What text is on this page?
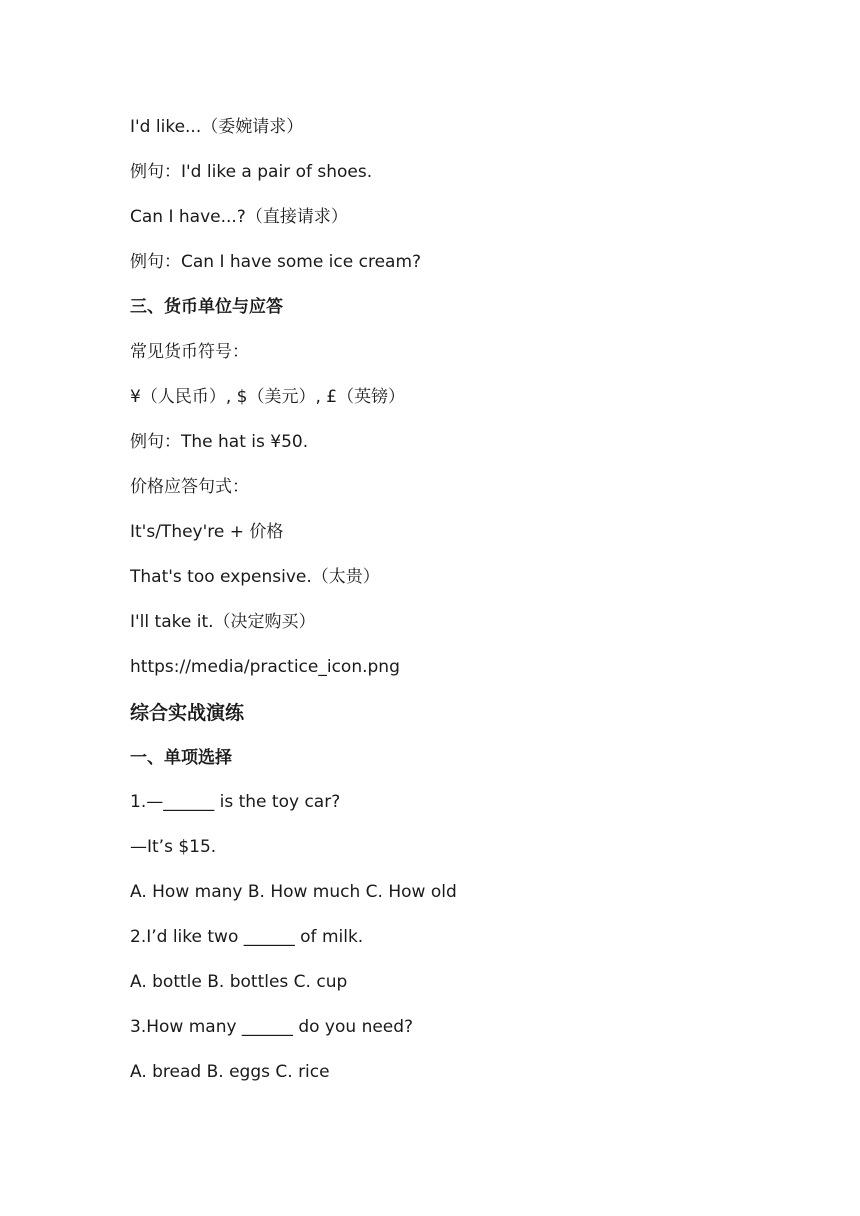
I'd like...（委婉请求）
例句：I'd like a pair of shoes.
Can I have...?（直接请求）
例句：Can I have some ice cream?
三、货币单位与应答
常见货币符号：
¥（人民币）, $（美元）, £（英镑）
例句：The hat is ¥50.
价格应答句式：
It's/They're + 价格
That's too expensive.（太贵）
I'll take it.（决定购买）
https://media/practice_icon.png
综合实战演练
一、单项选择
1.—______ is the toy car?
—It’s $15.
A. How many B. How much C. How old
2.I’d like two ______ of milk.
A. bottle B. bottles C. cup
3.How many ______ do you need?
A. bread B. eggs C. rice
